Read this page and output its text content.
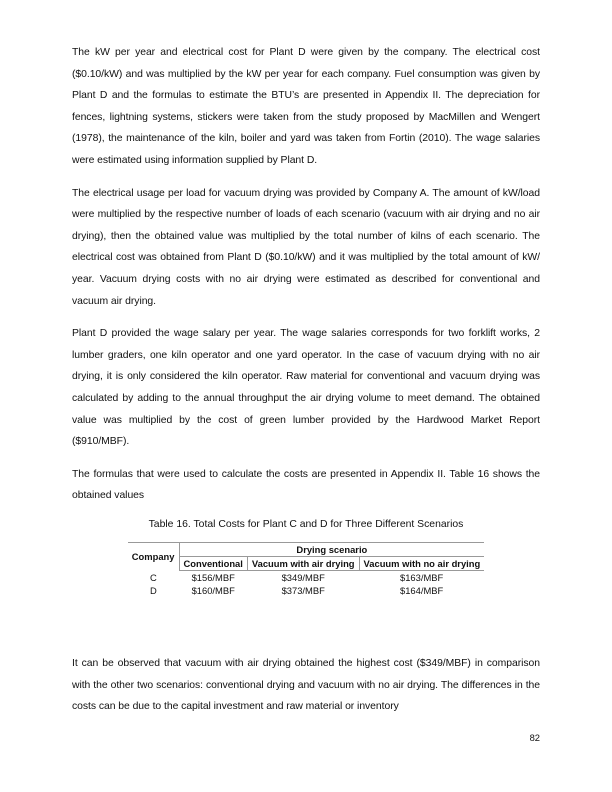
The kW per year and electrical cost for Plant D were given by the company. The electrical cost ($0.10/kW) and was multiplied by the kW per year for each company. Fuel consumption was given by Plant D and the formulas to estimate the BTU’s are presented in Appendix II. The depreciation for fences, lightning systems, stickers were taken from the study proposed by MacMillen and Wengert (1978), the maintenance of the kiln, boiler and yard was taken from Fortin (2010). The wage salaries were estimated using information supplied by Plant D.

The electrical usage per load for vacuum drying was provided by Company A. The amount of kW/load were multiplied by the respective number of loads of each scenario (vacuum with air drying and no air drying), then the obtained value was multiplied by the total number of kilns of each scenario. The electrical cost was obtained from Plant D ($0.10/kW) and it was multiplied by the total amount of kW/ year. Vacuum drying costs with no air drying were estimated as described for conventional and vacuum air drying.

Plant D provided the wage salary per year. The wage salaries corresponds for two forklift works, 2 lumber graders, one kiln operator and one yard operator. In the case of vacuum drying with no air drying, it is only considered the kiln operator. Raw material for conventional and vacuum drying was calculated by adding to the annual throughput the air drying volume to meet demand. The obtained value was multiplied by the cost of green lumber provided by the Hardwood Market Report ($910/MBF).

The formulas that were used to calculate the costs are presented in Appendix II. Table 16 shows the obtained values

Table 16. Total Costs for Plant C and D for Three Different Scenarios
Company	Drying scenario		
	Conventional	Vacuum with air drying	Vacuum with no air drying
C	$156/MBF	$349/MBF	$163/MBF
D	$160/MBF	$373/MBF	$164/MBF

It can be observed that vacuum with air drying obtained the highest cost ($349/MBF) in comparison with the other two scenarios: conventional drying and vacuum with no air drying. The differences in the costs can be due to the capital investment and raw material or inventory

82
